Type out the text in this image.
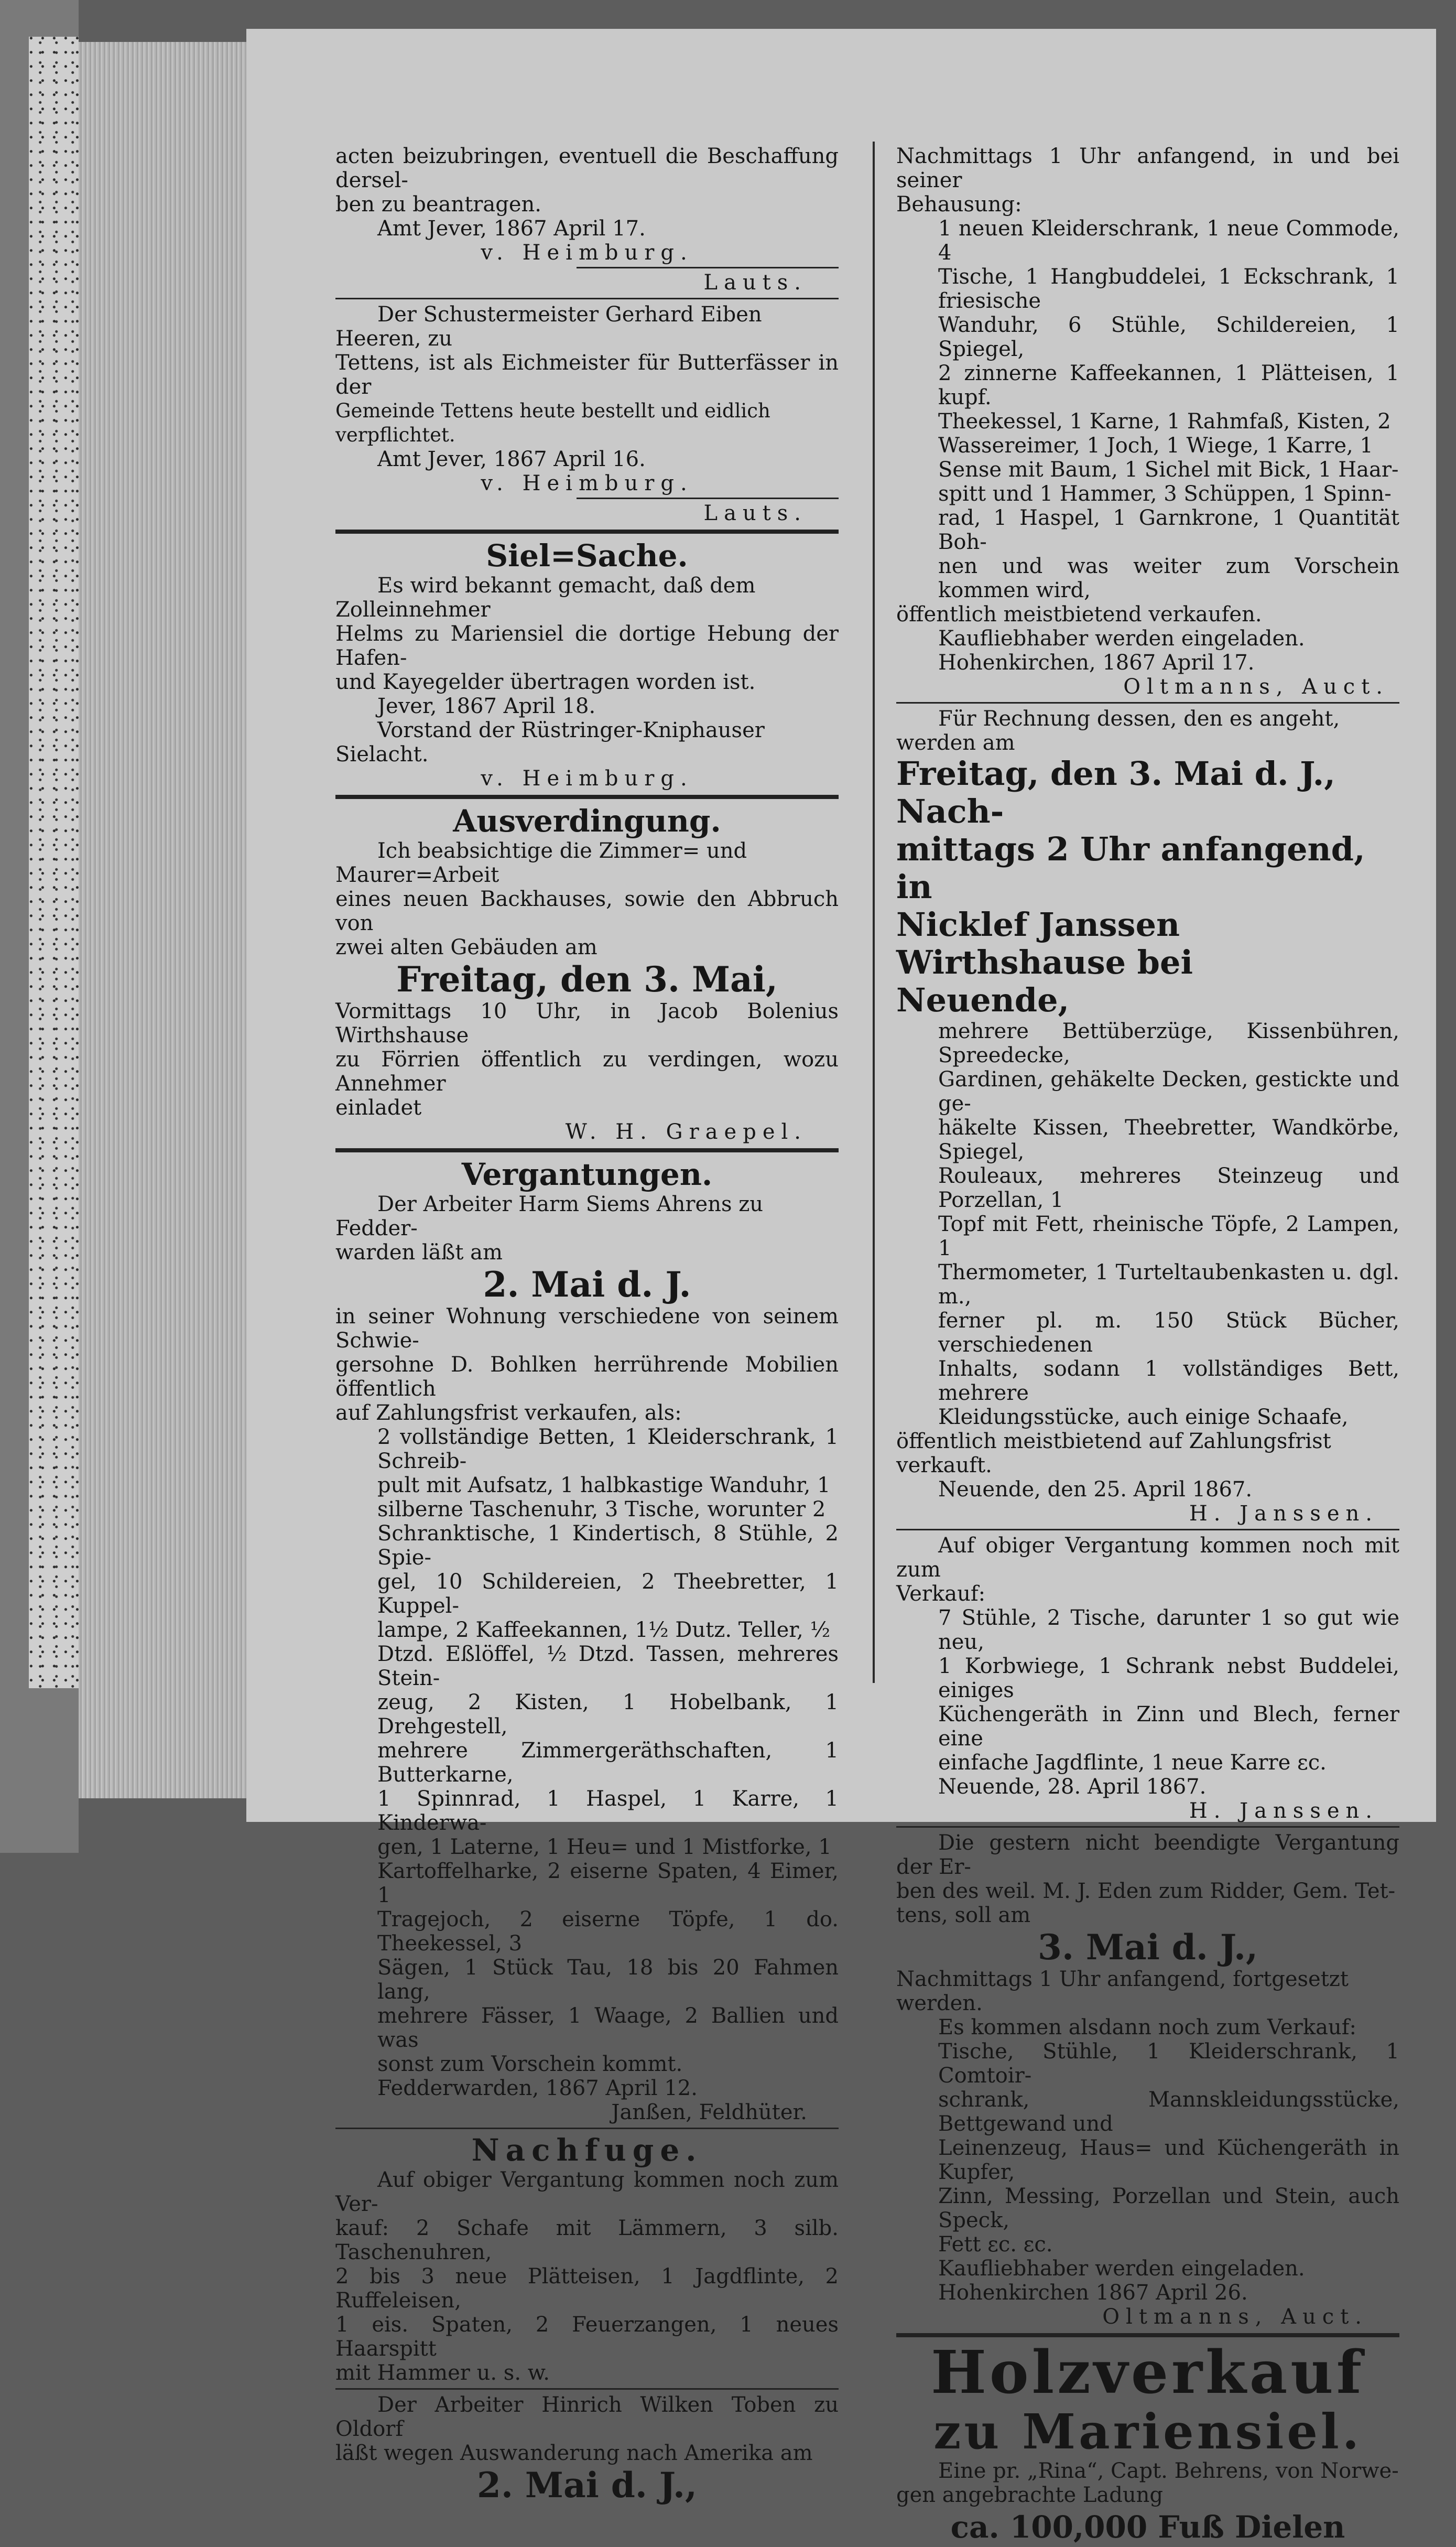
acten beizubringen, eventuell die Beschaffung dersel-

ben zu beantragen.

Amt Jever, 1867 April 17.

v. Heimburg.

Lauts.

Der Schustermeister Gerhard Eiben Heeren, zu

Tettens, ist als Eichmeister für Butterfässer in der

Gemeinde Tettens heute bestellt und eidlich verpflichtet.

Amt Jever, 1867 April 16.

v. Heimburg.

Lauts.

Siel=Sache.

Es wird bekannt gemacht, daß dem Zolleinnehmer

Helms zu Mariensiel die dortige Hebung der Hafen-

und Kayegelder übertragen worden ist.

Jever, 1867 April 18.

Vorstand der Rüstringer-Kniphauser Sielacht.

v. Heimburg.

Ausverdingung.

Ich beabsichtige die Zimmer= und Maurer=Arbeit

eines neuen Backhauses, sowie den Abbruch von

zwei alten Gebäuden am

Freitag, den 3. Mai,

Vormittags 10 Uhr, in Jacob Bolenius Wirthshause

zu Förrien öffentlich zu verdingen, wozu Annehmer

einladet

W. H. Graepel.

Vergantungen.

Der Arbeiter Harm Siems Ahrens zu Fedder-

warden läßt am

2. Mai d. J.

in seiner Wohnung verschiedene von seinem Schwie-

gersohne D. Bohlken herrührende Mobilien öffentlich

auf Zahlungsfrist verkaufen, als:

2 vollständige Betten, 1 Kleiderschrank, 1 Schreib-

pult mit Aufsatz, 1 halbkastige Wanduhr, 1

silberne Taschenuhr, 3 Tische, worunter 2

Schranktische, 1 Kindertisch, 8 Stühle, 2 Spie-

gel, 10 Schildereien, 2 Theebretter, 1 Kuppel-

lampe, 2 Kaffeekannen, 1½ Dutz. Teller, ½

Dtzd. Eßlöffel, ½ Dtzd. Tassen, mehreres Stein-

zeug, 2 Kisten, 1 Hobelbank, 1 Drehgestell,

mehrere Zimmergeräthschaften, 1 Butterkarne,

1 Spinnrad, 1 Haspel, 1 Karre, 1 Kinderwa-

gen, 1 Laterne, 1 Heu= und 1 Mistforke, 1

Kartoffelharke, 2 eiserne Spaten, 4 Eimer, 1

Tragejoch, 2 eiserne Töpfe, 1 do. Theekessel, 3

Sägen, 1 Stück Tau, 18 bis 20 Fahmen lang,

mehrere Fässer, 1 Waage, 2 Ballien und was

sonst zum Vorschein kommt.

Fedderwarden, 1867 April 12.

Janßen, Feldhüter.

Nachfuge.

Auf obiger Vergantung kommen noch zum Ver-

kauf: 2 Schafe mit Lämmern, 3 silb. Taschenuhren,

2 bis 3 neue Plätteisen, 1 Jagdflinte, 2 Ruffeleisen,

1 eis. Spaten, 2 Feuerzangen, 1 neues Haarspitt

mit Hammer u. s. w.

Der Arbeiter Hinrich Wilken Toben zu Oldorf

läßt wegen Auswanderung nach Amerika am

2. Mai d. J.,

Nachmittags 1 Uhr anfangend, in und bei seiner

Behausung:

1 neuen Kleiderschrank, 1 neue Commode, 4

Tische, 1 Hangbuddelei, 1 Eckschrank, 1 friesische

Wanduhr, 6 Stühle, Schildereien, 1 Spiegel,

2 zinnerne Kaffeekannen, 1 Plätteisen, 1 kupf.

Theekessel, 1 Karne, 1 Rahmfaß, Kisten, 2

Wassereimer, 1 Joch, 1 Wiege, 1 Karre, 1

Sense mit Baum, 1 Sichel mit Bick, 1 Haar-

spitt und 1 Hammer, 3 Schüppen, 1 Spinn-

rad, 1 Haspel, 1 Garnkrone, 1 Quantität Boh-

nen und was weiter zum Vorschein kommen wird,

öffentlich meistbietend verkaufen.

Kaufliebhaber werden eingeladen.

Hohenkirchen, 1867 April 17.

Oltmanns, Auct.

Für Rechnung dessen, den es angeht, werden am

Freitag, den 3. Mai d. J., Nach-

mittags 2 Uhr anfangend, in

Nicklef Janssen Wirthshause bei

Neuende,

mehrere Bettüberzüge, Kissenbühren, Spreedecke,

Gardinen, gehäkelte Decken, gestickte und ge-

häkelte Kissen, Theebretter, Wandkörbe, Spiegel,

Rouleaux, mehreres Steinzeug und Porzellan, 1

Topf mit Fett, rheinische Töpfe, 2 Lampen, 1

Thermometer, 1 Turteltaubenkasten u. dgl. m.,

ferner pl. m. 150 Stück Bücher, verschiedenen

Inhalts, sodann 1 vollständiges Bett, mehrere

Kleidungsstücke, auch einige Schaafe,

öffentlich meistbietend auf Zahlungsfrist verkauft.

Neuende, den 25. April 1867.

H. Janssen.

Auf obiger Vergantung kommen noch mit zum

Verkauf:

7 Stühle, 2 Tische, darunter 1 so gut wie neu,

1 Korbwiege, 1 Schrank nebst Buddelei, einiges

Küchengeräth in Zinn und Blech, ferner eine

einfache Jagdflinte, 1 neue Karre ɛc.

Neuende, 28. April 1867.

H. Janssen.

Die gestern nicht beendigte Vergantung der Er-

ben des weil. M. J. Eden zum Ridder, Gem. Tet-

tens, soll am

3. Mai d. J.,

Nachmittags 1 Uhr anfangend, fortgesetzt werden.

Es kommen alsdann noch zum Verkauf:

Tische, Stühle, 1 Kleiderschrank, 1 Comtoir-

schrank, Mannskleidungsstücke, Bettgewand und

Leinenzeug, Haus= und Küchengeräth in Kupfer,

Zinn, Messing, Porzellan und Stein, auch Speck,

Fett ɛc. ɛc.

Kaufliebhaber werden eingeladen.

Hohenkirchen 1867 April 26.

Oltmanns, Auct.

Holzverkauf

zu Mariensiel.

Eine pr. „Rina“, Capt. Behrens, von Norwe-

gen angebrachte Ladung

ca. 100,000 Fuß Dielen
